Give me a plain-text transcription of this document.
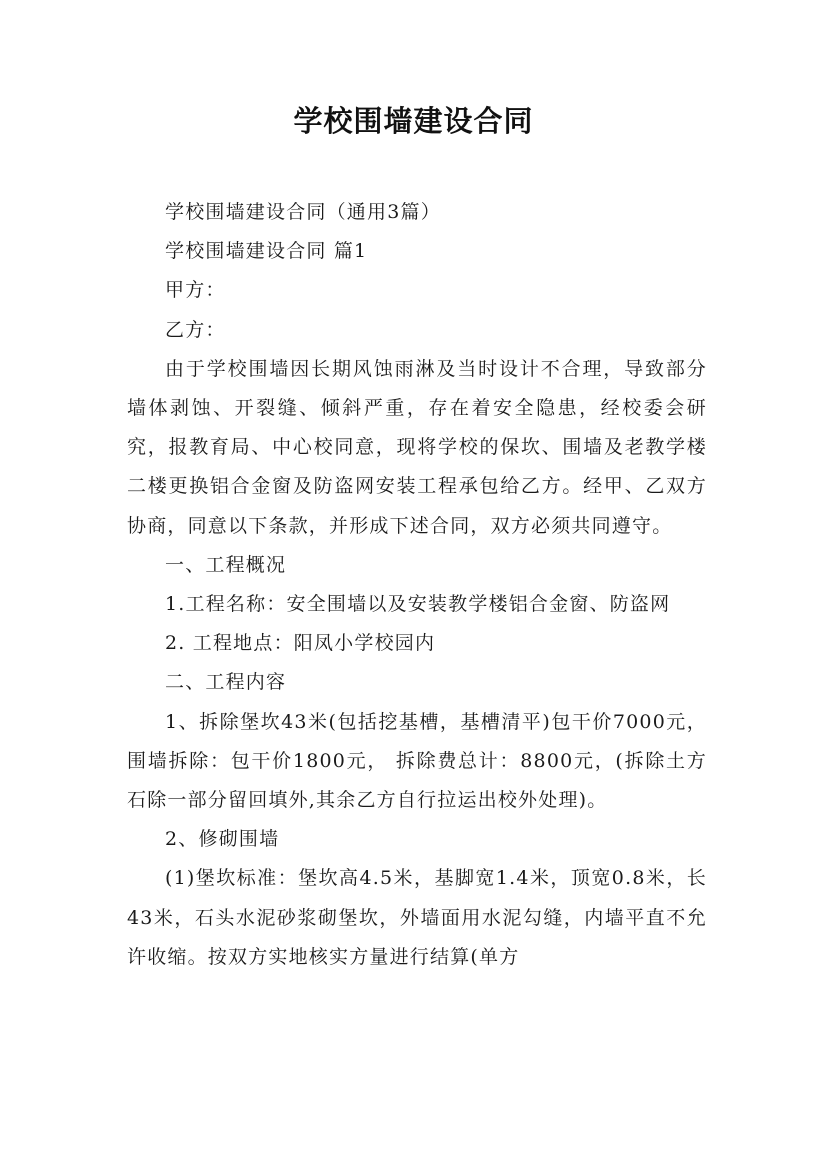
学校围墙建设合同

学校围墙建设合同（通用3篇）

学校围墙建设合同 篇1

甲方：

乙方：

由于学校围墙因长期风蚀雨淋及当时设计不合理，导致部分墙体剥蚀、开裂缝、倾斜严重，存在着安全隐患，经校委会研究，报教育局、中心校同意，现将学校的保坎、围墙及老教学楼二楼更换铝合金窗及防盗网安装工程承包给乙方。经甲、乙双方协商，同意以下条款，并形成下述合同，双方必须共同遵守。

一、工程概况

1.工程名称：安全围墙以及安装教学楼铝合金窗、防盗网

2. 工程地点：阳凤小学校园内

二、工程内容

1、拆除堡坎43米(包括挖基槽，基槽清平)包干价7000元，围墙拆除：包干价1800元， 拆除费总计：8800元，(拆除土方石除一部分留回填外,其余乙方自行拉运出校外处理)。

2、修砌围墙

(1)堡坎标准：堡坎高4.5米，基脚宽1.4米，顶宽0.8米，长43米，石头水泥砂浆砌堡坎，外墙面用水泥勾缝，内墙平直不允许收缩。按双方实地核实方量进行结算(单方
